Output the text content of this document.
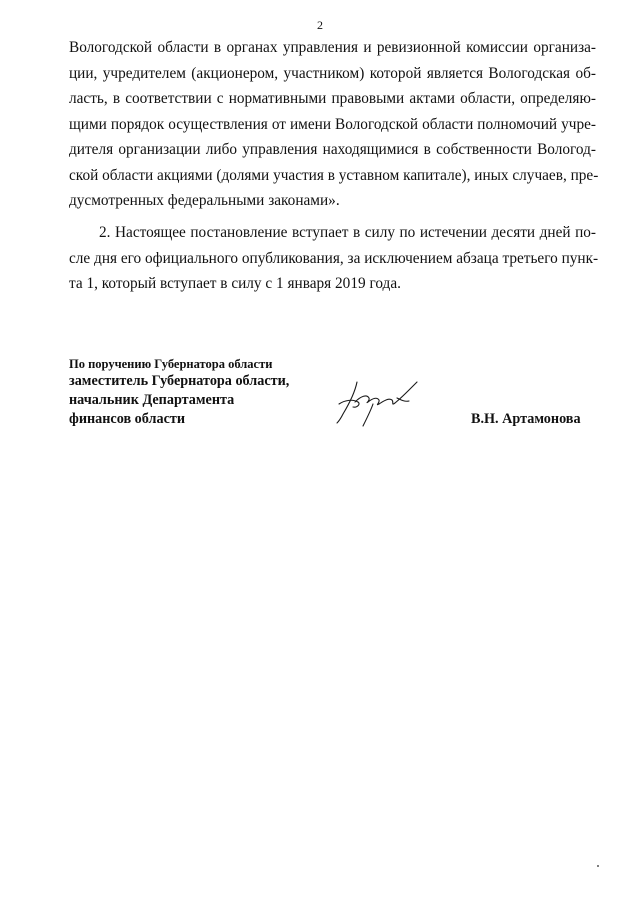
2
Вологодской области в органах управления и ревизионной комиссии организа-
ции, учредителем (акционером, участником) которой является Вологодская об-
ласть, в соответствии с нормативными правовыми актами области, определяю-
щими порядок осуществления от имени Вологодской области полномочий учре-
дителя организации либо управления находящимися в собственности Вологод-
ской области акциями (долями участия в уставном капитале), иных случаев, пре-
дусмотренных федеральными законами».
2. Настоящее постановление вступает в силу по истечении десяти дней по-
сле дня его официального опубликования, за исключением абзаца третьего пунк-
та 1, который вступает в силу с 1 января 2019 года.
По поручению Губернатора области
заместитель Губернатора области,
начальник Департамента
финансов области	В.Н. Артамонова
